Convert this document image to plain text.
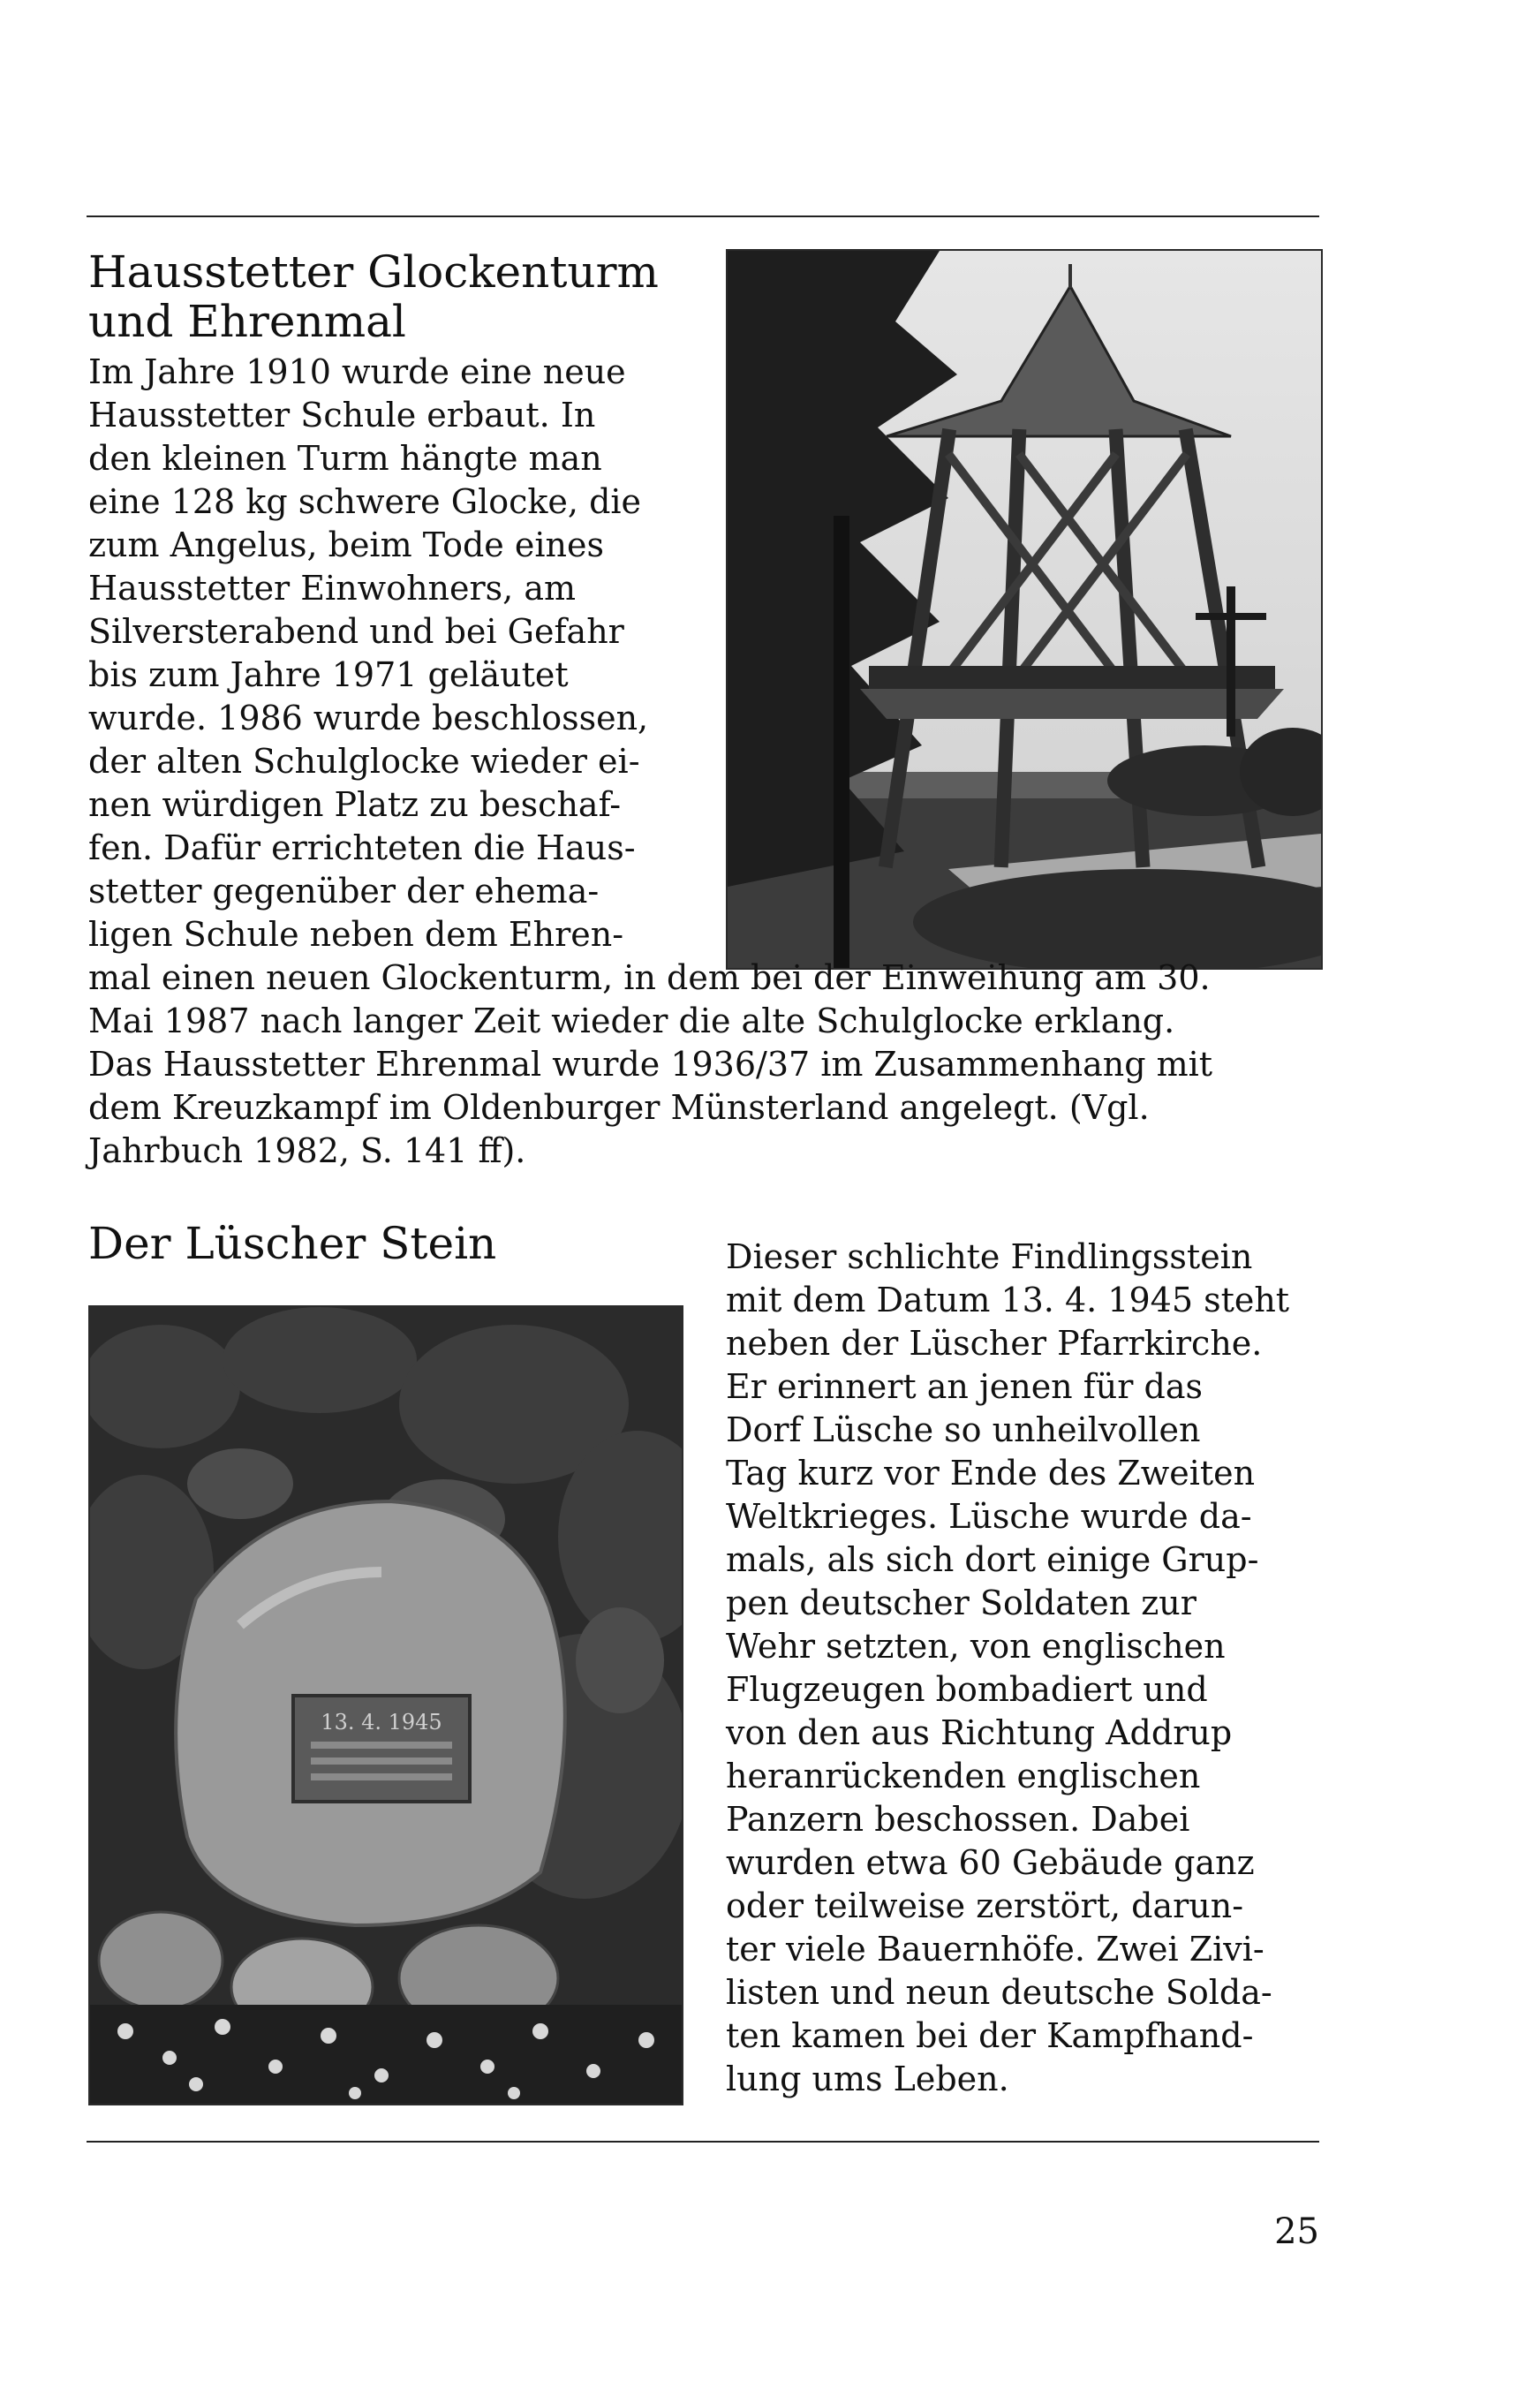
Hausstetter Glockenturm
und Ehrenmal
Im Jahre 1910 wurde eine neue
Hausstetter Schule erbaut. In
den kleinen Turm hängte man
eine 128 kg schwere Glocke, die
zum Angelus, beim Tode eines
Hausstetter Einwohners, am
Silversterabend und bei Gefahr
bis zum Jahre 1971 geläutet
wurde. 1986 wurde beschlossen,
der alten Schulglocke wieder ei-
nen würdigen Platz zu beschaf-
fen. Dafür errichteten die Haus-
stetter gegenüber der ehema-
ligen Schule neben dem Ehren-
mal einen neuen Glockenturm, in dem bei der Einweihung am 30.
Mai 1987 nach langer Zeit wieder die alte Schulglocke erklang.
Das Hausstetter Ehrenmal wurde 1936/37 im Zusammenhang mit
dem Kreuzkampf im Oldenburger Münsterland angelegt. (Vgl.
Jahrbuch 1982, S. 141 ff).
Der Lüscher Stein
13. 4. 1945
Dieser schlichte Findlingsstein
mit dem Datum 13. 4. 1945 steht
neben der Lüscher Pfarrkirche.
Er erinnert an jenen für das
Dorf Lüsche so unheilvollen
Tag kurz vor Ende des Zweiten
Weltkrieges. Lüsche wurde da-
mals, als sich dort einige Grup-
pen deutscher Soldaten zur
Wehr setzten, von englischen
Flugzeugen bombadiert und
von den aus Richtung Addrup
heranrückenden englischen
Panzern beschossen. Dabei
wurden etwa 60 Gebäude ganz
oder teilweise zerstört, darun-
ter viele Bauernhöfe. Zwei Zivi-
listen und neun deutsche Solda-
ten kamen bei der Kampfhand-
lung ums Leben.
25
